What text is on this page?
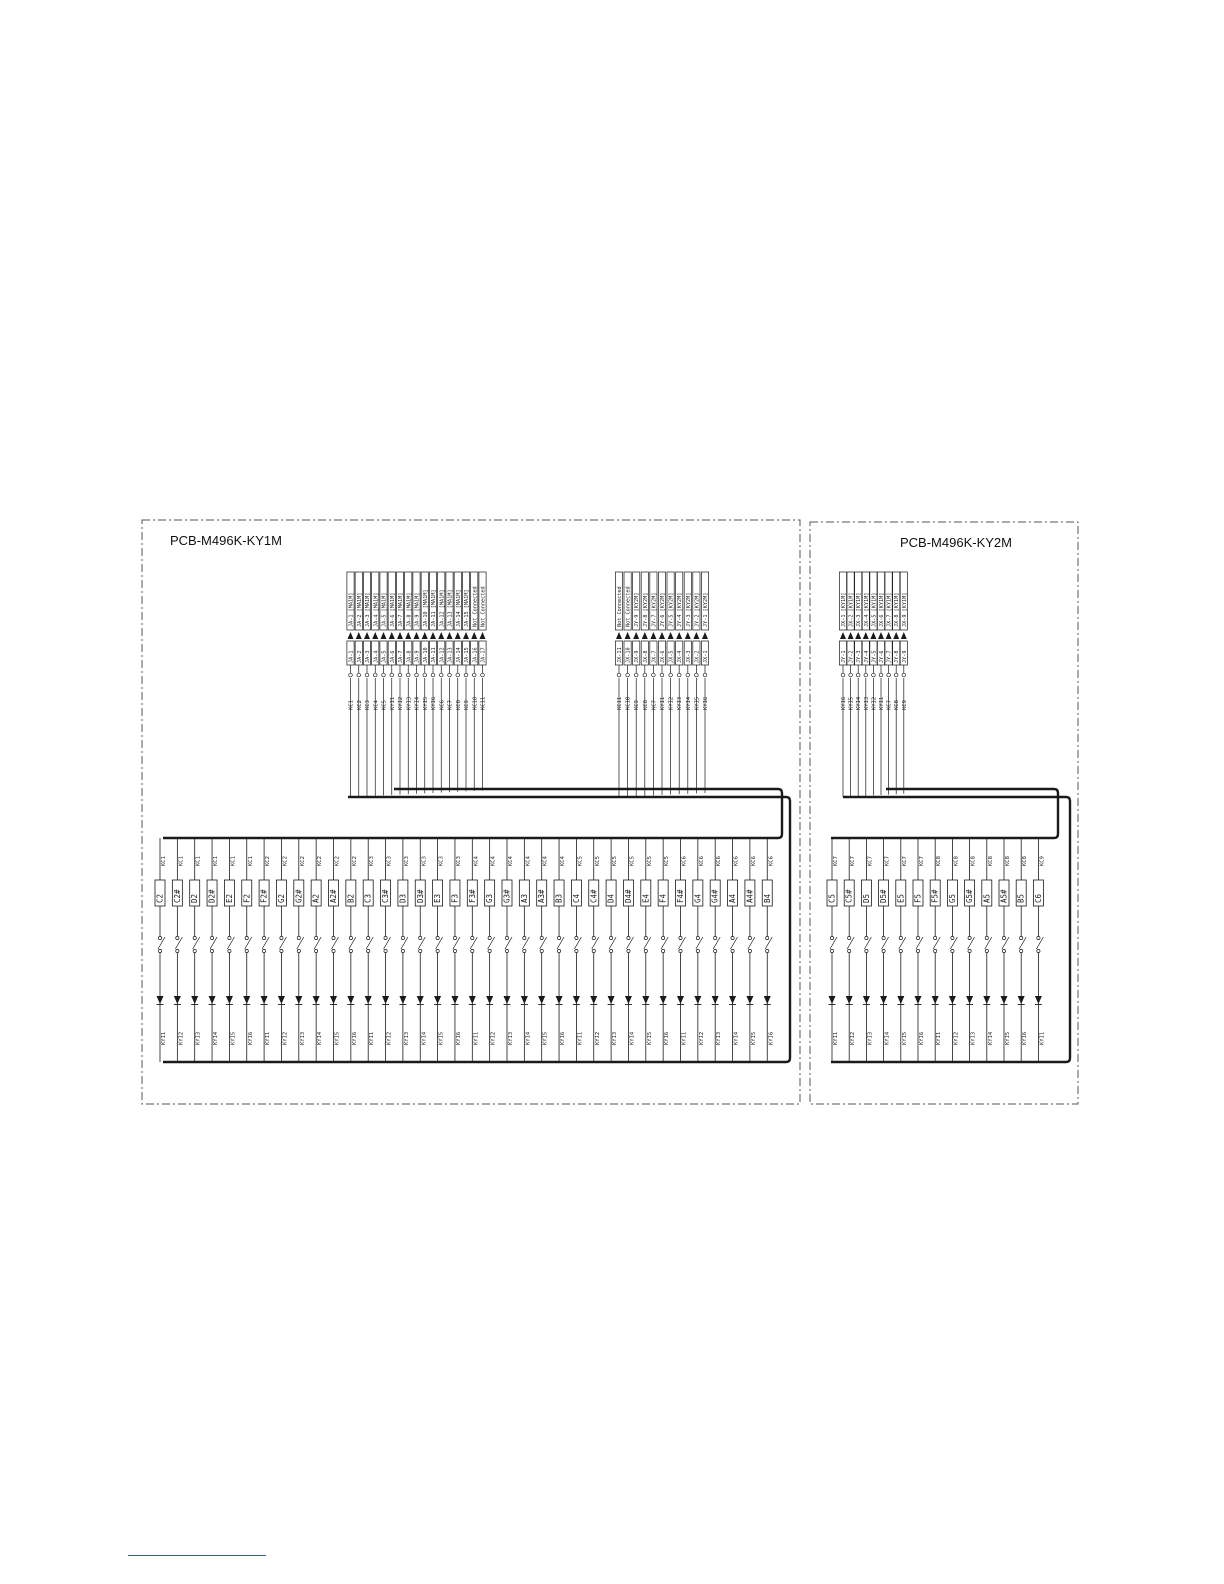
JA-1 [MA1M]
JA-1
KC1
JA-2 [MA1M]
JA-2
KC2
JA-3 [MA1M]
JA-3
KC3
JA-4 [MA1M]
JA-4
KC4
JA-5 [MA1M]
JA-5
KC5
JA-6 [MA1M]
JA-6
KYI1
JA-7 [MA1M]
JA-7
KYI2
JA-8 [MA1M]
JA-8
KYI3
JA-9 [MA1M]
JA-9
KYI4
JA-10 [MA1M]
JA-10
KYI5
JA-11 [MA1M]
JA-11
KYI6
JA-12 [MA1M]
JA-12
KC6
JA-13 [MA1M]
JA-13
KC7
JA-14 [MA1M]
JA-14
KC8
JA-15 [MA1M]
JA-15
KC9
Not Connected
JA-16
KC10
Not Connected
JA-17
KC11
Not Connected
JX-11
KC11
Not Connected
JX-10
KC10
JY-9 [KY2M]
JX-9
KC9
JY-8 [KY2M]
JX-8
KC8
JY-7 [KY2M]
JX-7
KC7
JY-6 [KY2M]
JX-6
KYI1
JY-5 [KY2M]
JX-5
KYI2
JY-4 [KY2M]
JX-4
KYI3
JY-3 [KY2M]
JX-3
KYI4
JY-2 [KY2M]
JX-2
KYI5
JY-1 [KY2M]
JX-1
KYI6
JX-1 [KY1M]
JY-1
KYI6
JX-2 [KY1M]
JY-2
KYI5
JX-3 [KY1M]
JY-3
KYI4
JX-4 [KY1M]
JY-4
KYI3
JX-5 [KY1M]
JY-5
KYI2
JX-6 [KY1M]
JY-6
KYI1
JX-7 [KY1M]
JY-7
KC7
JX-8 [KY1M]
JY-8
KC8
JX-9 [KY1M]
JY-9
KC9
KC1
C2
KYI1
KC1
C2#
KYI2
KC1
D2
KYI3
KC1
D2#
KYI4
KC1
E2
KYI5
KC1
F2
KYI6
KC2
F2#
KYI1
KC2
G2
KYI2
KC2
G2#
KYI3
KC2
A2
KYI4
KC2
A2#
KYI5
KC2
B2
KYI6
KC3
C3
KYI1
KC3
C3#
KYI2
KC3
D3
KYI3
KC3
D3#
KYI4
KC3
E3
KYI5
KC3
F3
KYI6
KC4
F3#
KYI1
KC4
G3
KYI2
KC4
G3#
KYI3
KC4
A3
KYI4
KC4
A3#
KYI5
KC4
B3
KYI6
KC5
C4
KYI1
KC5
C4#
KYI2
KC5
D4
KYI3
KC5
D4#
KYI4
KC5
E4
KYI5
KC5
F4
KYI6
KC6
F4#
KYI1
KC6
G4
KYI2
KC6
G4#
KYI3
KC6
A4
KYI4
KC6
A4#
KYI5
KC6
B4
KYI6
KC7
C5
KYI1
KC7
C5#
KYI2
KC7
D5
KYI3
KC7
D5#
KYI4
KC7
E5
KYI5
KC7
F5
KYI6
KC8
F5#
KYI1
KC8
G5
KYI2
KC8
G5#
KYI3
KC8
A5
KYI4
KC8
A5#
KYI5
KC8
B5
KYI6
KC9
C6
KYI1
PCB-M496K-KY1M	PCB-M496K-KY2M
